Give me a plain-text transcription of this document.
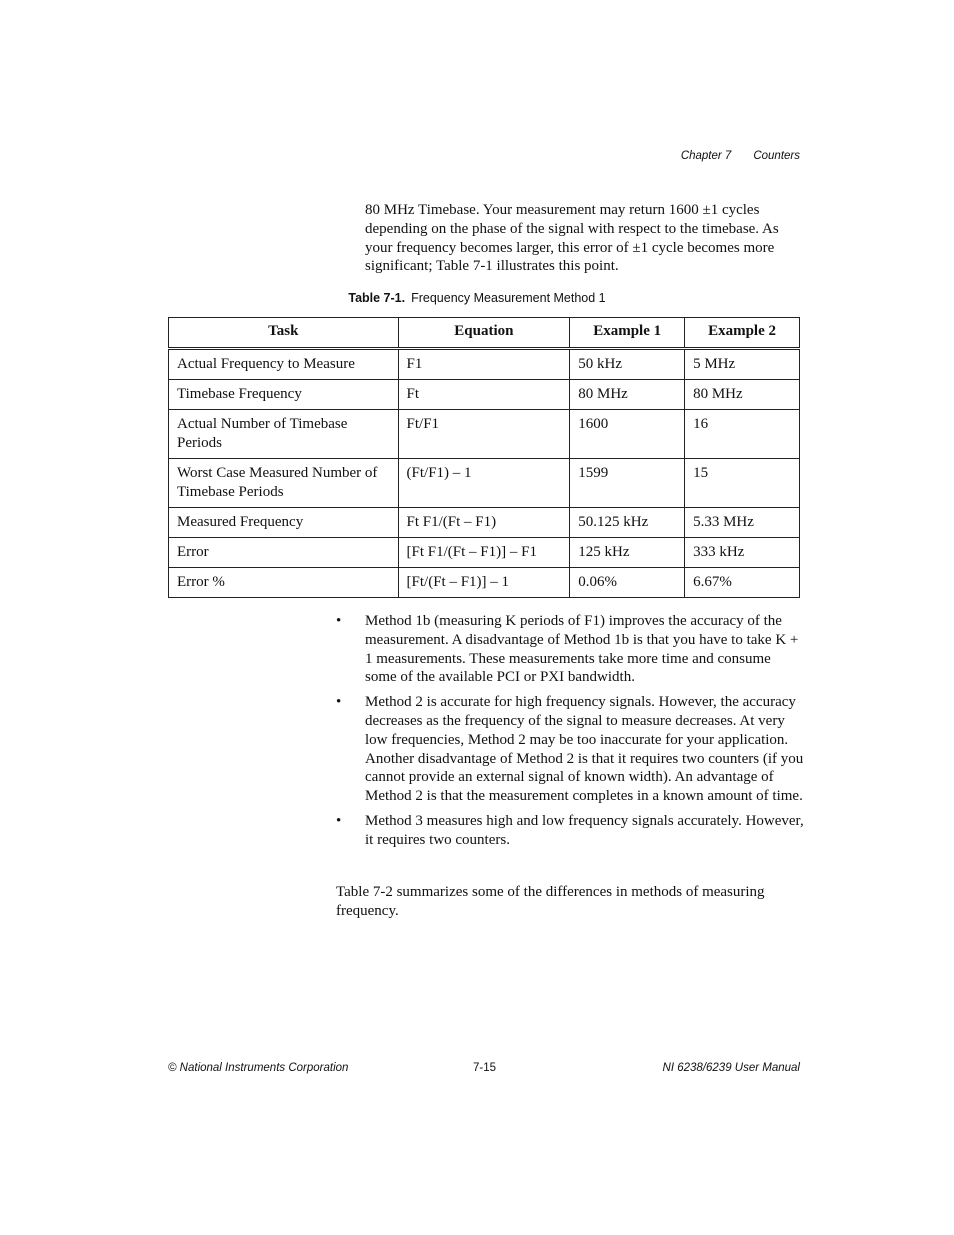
Chapter 7 Counters

80 MHz Timebase. Your measurement may return 1600 ±1 cycles depending on the phase of the signal with respect to the timebase. As your frequency becomes larger, this error of ±1 cycle becomes more significant; Table 7-1 illustrates this point.

Table 7-1. Frequency Measurement Method 1
Task	Equation	Example 1	Example 2
Actual Frequency to Measure	F1	50 kHz	5 MHz
Timebase Frequency	Ft	80 MHz	80 MHz
Actual Number of Timebase Periods	Ft/F1	1600	16
Worst Case Measured Number of Timebase Periods	(Ft/F1) – 1	1599	15
Measured Frequency	Ft F1/(Ft – F1)	50.125 kHz	5.33 MHz
Error	[Ft F1/(Ft – F1)] – F1	125 kHz	333 kHz
Error %	[Ft/(Ft – F1)] – 1	0.06%	6.67%
• Method 1b (measuring K periods of F1) improves the accuracy of the measurement. A disadvantage of Method 1b is that you have to take K + 1 measurements. These measurements take more time and consume some of the available PCI or PXI bandwidth.
• Method 2 is accurate for high frequency signals. However, the accuracy decreases as the frequency of the signal to measure decreases. At very low frequencies, Method 2 may be too inaccurate for your application. Another disadvantage of Method 2 is that it requires two counters (if you cannot provide an external signal of known width). An advantage of Method 2 is that the measurement completes in a known amount of time.
• Method 3 measures high and low frequency signals accurately. However, it requires two counters.

Table 7-2 summarizes some of the differences in methods of measuring frequency.

© National Instruments Corporation	7-15	NI 6238/6239 User Manual
